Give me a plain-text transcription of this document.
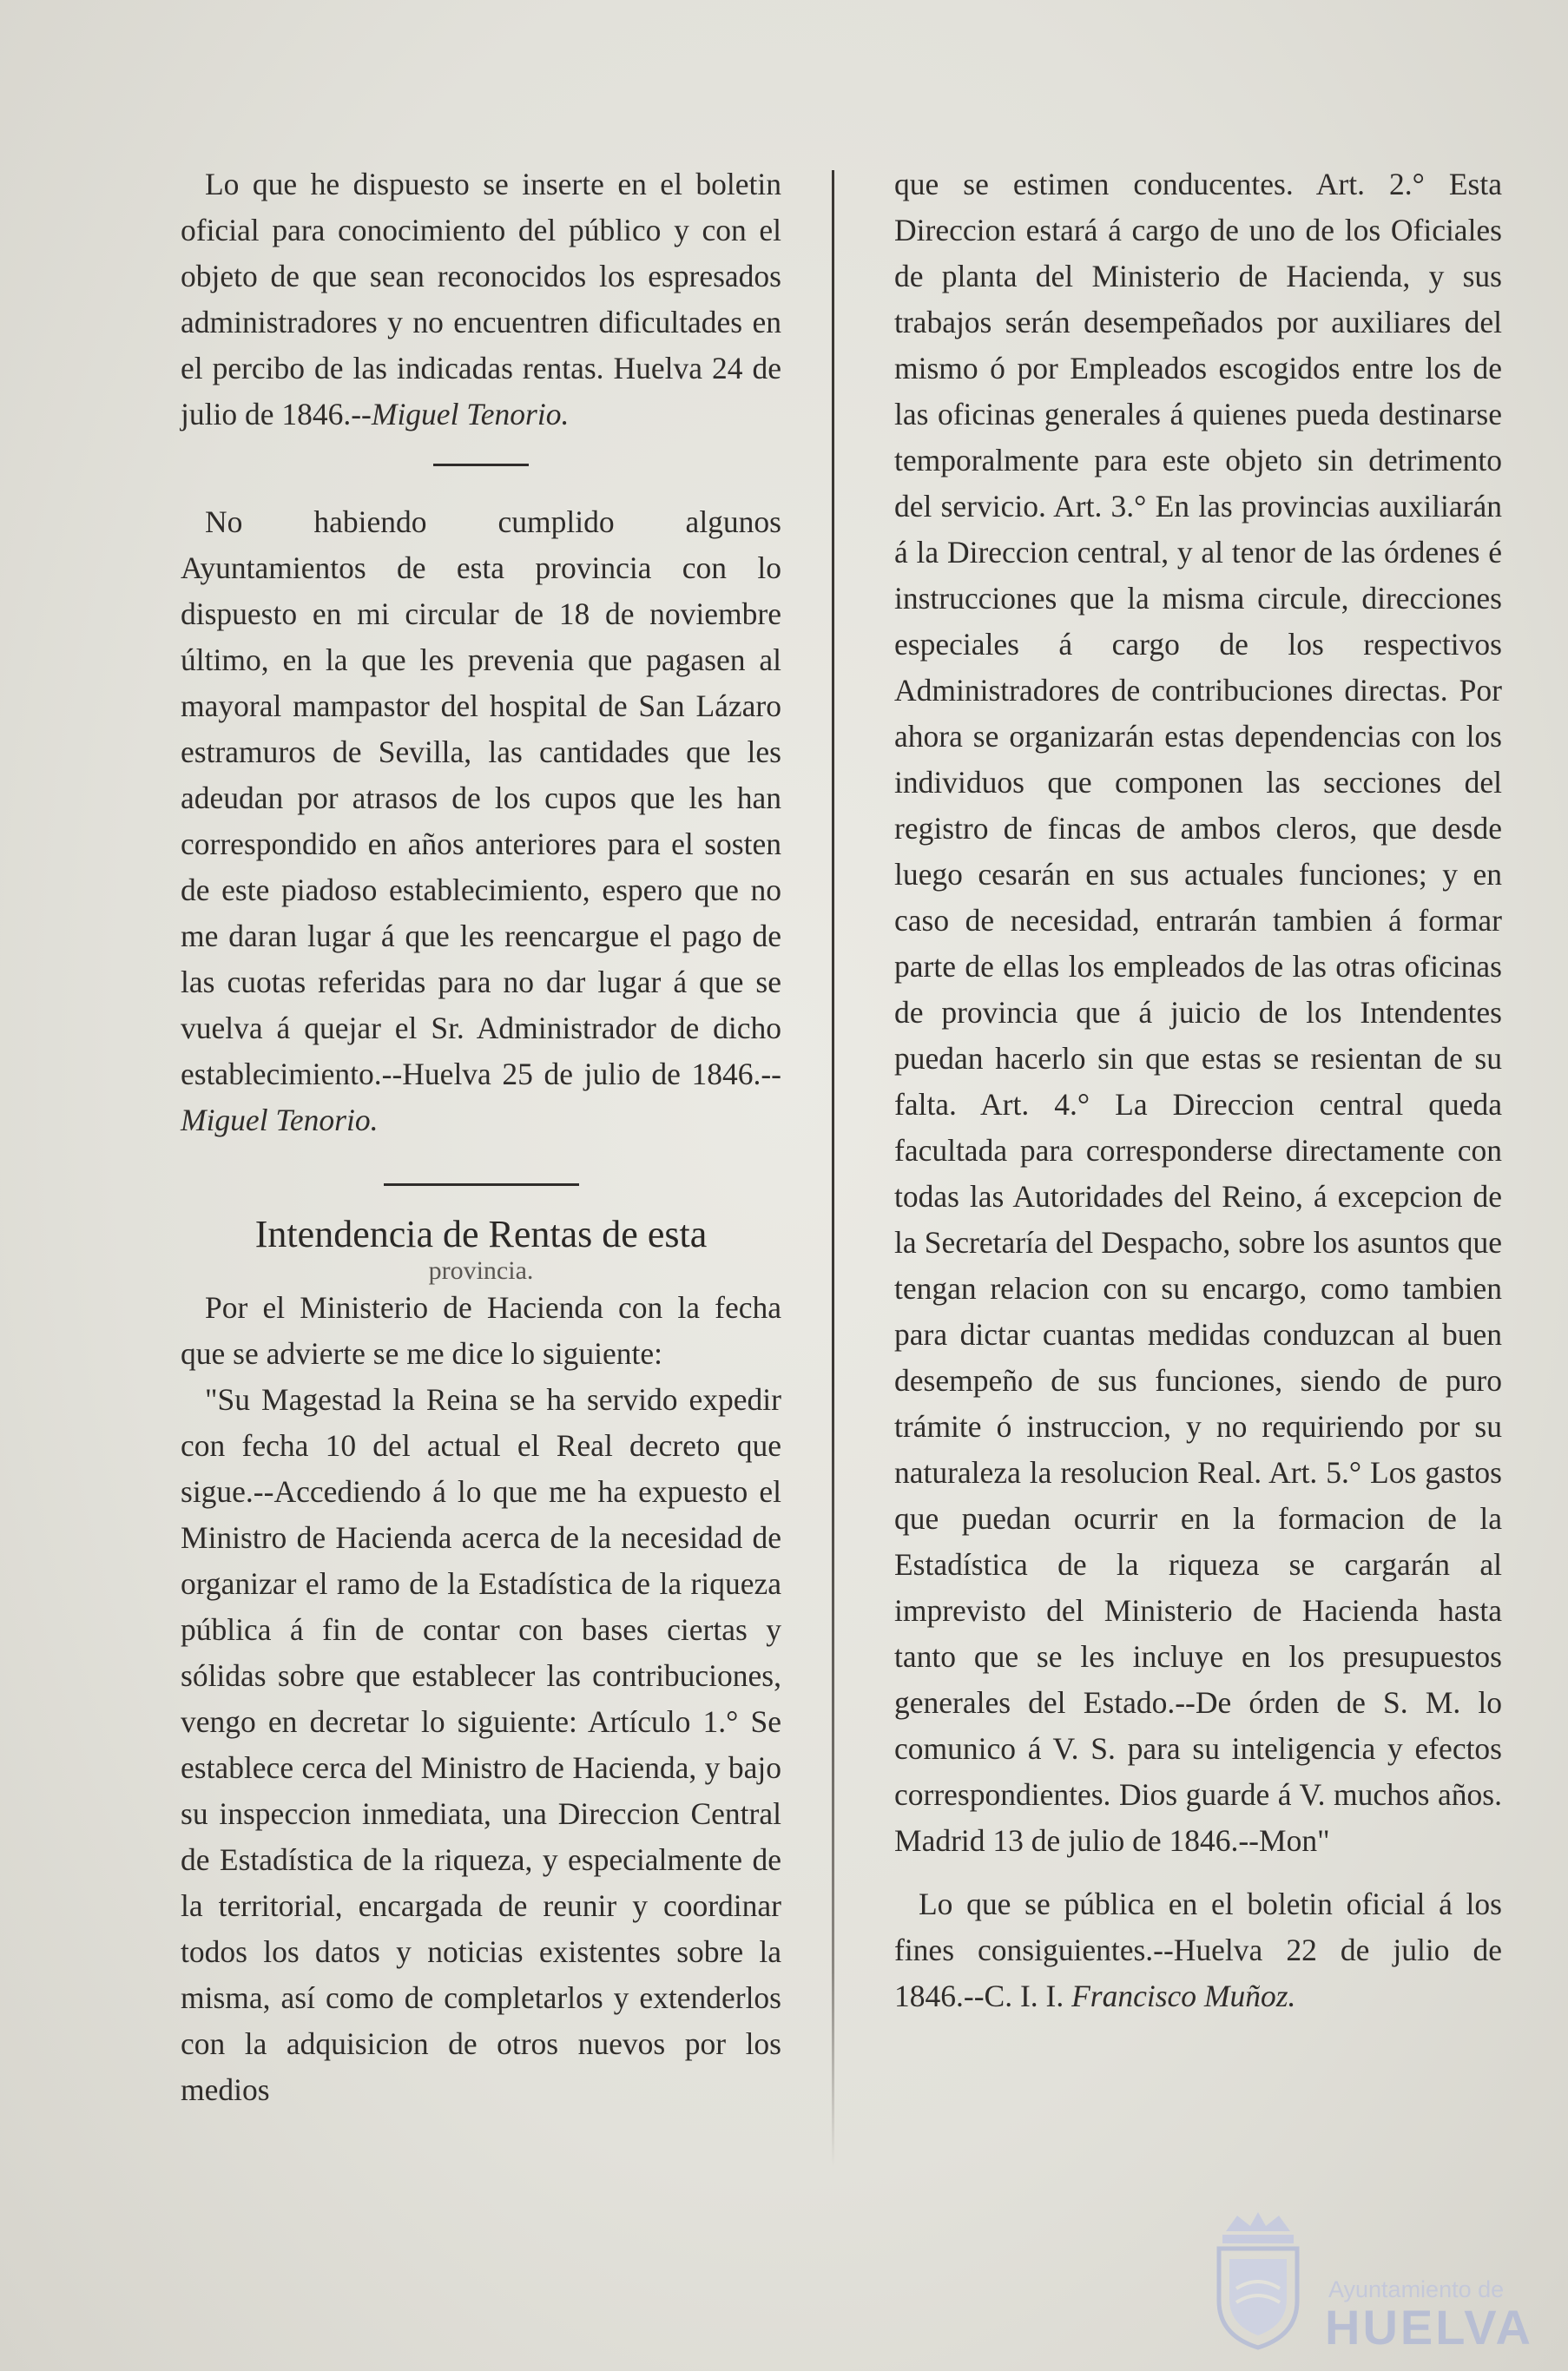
Lo que he dispuesto se inserte en el boletin oficial para conocimiento del público y con el objeto de que sean reconocidos los espresados administradores y no encuentren dificultades en el percibo de las indicadas rentas. Huelva 24 de julio de 1846.--Miguel Tenorio.

No habiendo cumplido algunos Ayuntamientos de esta provincia con lo dispuesto en mi circular de 18 de noviembre último, en la que les prevenia que pagasen al mayoral mampastor del hospital de San Lázaro estramuros de Sevilla, las cantidades que les adeudan por atrasos de los cupos que les han correspondido en años anteriores para el sosten de este piadoso establecimiento, espero que no me daran lugar á que les reencargue el pago de las cuotas referidas para no dar lugar á que se vuelva á quejar el Sr. Administrador de dicho establecimiento.--Huelva 25 de julio de 1846.--Miguel Tenorio.

Intendencia de Rentas de esta

provincia.

Por el Ministerio de Hacienda con la fecha que se advierte se me dice lo siguiente:

"Su Magestad la Reina se ha servido expedir con fecha 10 del actual el Real decreto que sigue.--Accediendo á lo que me ha expuesto el Ministro de Hacienda acerca de la necesidad de organizar el ramo de la Estadística de la riqueza pública á fin de contar con bases ciertas y sólidas sobre que establecer las contribuciones, vengo en decretar lo siguiente: Artículo 1.° Se establece cerca del Ministro de Hacienda, y bajo su inspeccion inmediata, una Direccion Central de Estadística de la riqueza, y especialmente de la territorial, encargada de reunir y coordinar todos los datos y noticias existentes sobre la misma, así como de completarlos y extenderlos con la adquisicion de otros nuevos por los medios

que se estimen conducentes. Art. 2.° Esta Direccion estará á cargo de uno de los Oficiales de planta del Ministerio de Hacienda, y sus trabajos serán desempeñados por auxiliares del mismo ó por Empleados escogidos entre los de las oficinas generales á quienes pueda destinarse temporalmente para este objeto sin detrimento del servicio. Art. 3.° En las provincias auxiliarán á la Direccion central, y al tenor de las órdenes é instrucciones que la misma circule, direcciones especiales á cargo de los respectivos Administradores de contribuciones directas. Por ahora se organizarán estas dependencias con los individuos que componen las secciones del registro de fincas de ambos cleros, que desde luego cesarán en sus actuales funciones; y en caso de necesidad, entrarán tambien á formar parte de ellas los empleados de las otras oficinas de provincia que á juicio de los Intendentes puedan hacerlo sin que estas se resientan de su falta. Art. 4.° La Direccion central queda facultada para corresponderse directamente con todas las Autoridades del Reino, á excepcion de la Secretaría del Despacho, sobre los asuntos que tengan relacion con su encargo, como tambien para dictar cuantas medidas conduzcan al buen desempeño de sus funciones, siendo de puro trámite ó instruccion, y no requiriendo por su naturaleza la resolucion Real. Art. 5.° Los gastos que puedan ocurrir en la formacion de la Estadística de la riqueza se cargarán al imprevisto del Ministerio de Hacienda hasta tanto que se les incluye en los presupuestos generales del Estado.--De órden de S. M. lo comunico á V. S. para su inteligencia y efectos correspondientes. Dios guarde á V. muchos años. Madrid 13 de julio de 1846.--Mon"

Lo que se pública en el boletin oficial á los fines consiguientes.--Huelva 22 de julio de 1846.--C. I. I. Francisco Muñoz.

Ayuntamiento de
HUELVA
